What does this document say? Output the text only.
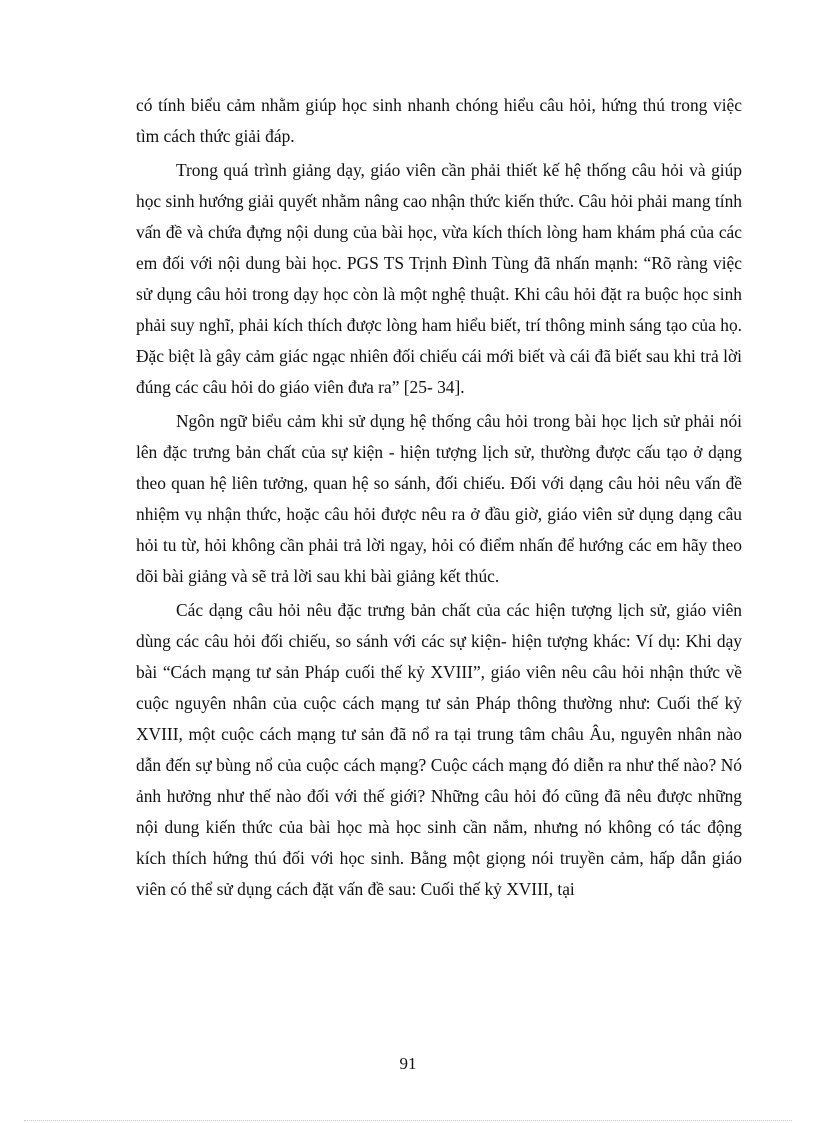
có tính biểu cảm nhằm giúp học sinh nhanh chóng hiểu câu hỏi, hứng thú trong việc tìm cách thức giải đáp.

Trong quá trình giảng dạy, giáo viên cần phải thiết kế hệ thống câu hỏi và giúp học sinh hướng giải quyết nhằm nâng cao nhận thức kiến thức. Câu hỏi phải mang tính vấn đề và chứa đựng nội dung của bài học, vừa kích thích lòng ham khám phá của các em đối với nội dung bài học. PGS TS Trịnh Đình Tùng đã nhấn mạnh: “Rõ ràng việc sử dụng câu hỏi trong dạy học còn là một nghệ thuật. Khi câu hỏi đặt ra buộc học sinh phải suy nghĩ, phải kích thích được lòng ham hiểu biết, trí thông minh sáng tạo của họ. Đặc biệt là gây cảm giác ngạc nhiên đối chiếu cái mới biết và cái đã biết sau khi trả lời đúng các câu hỏi do giáo viên đưa ra” [25- 34].

Ngôn ngữ biểu cảm khi sử dụng hệ thống câu hỏi trong bài học lịch sử phải nói lên đặc trưng bản chất của sự kiện - hiện tượng lịch sử, thường được cấu tạo ở dạng theo quan hệ liên tưởng, quan hệ so sánh, đối chiếu. Đối với dạng câu hỏi nêu vấn đề nhiệm vụ nhận thức, hoặc câu hỏi được nêu ra ở đầu giờ, giáo viên sử dụng dạng câu hỏi tu từ, hỏi không cần phải trả lời ngay, hỏi có điểm nhấn để hướng các em hãy theo dõi bài giảng và sẽ trả lời sau khi bài giảng kết thúc.

Các dạng câu hỏi nêu đặc trưng bản chất của các hiện tượng lịch sử, giáo viên dùng các câu hỏi đối chiếu, so sánh với các sự kiện- hiện tượng khác: Ví dụ: Khi dạy bài “Cách mạng tư sản Pháp cuối thế kỷ XVIII”, giáo viên nêu câu hỏi nhận thức về cuộc nguyên nhân của cuộc cách mạng tư sản Pháp thông thường như: Cuối thế kỷ XVIII, một cuộc cách mạng tư sản đã nổ ra tại trung tâm châu Âu, nguyên nhân nào dẫn đến sự bùng nổ của cuộc cách mạng? Cuộc cách mạng đó diễn ra như thế nào? Nó ảnh hưởng như thế nào đối với thế giới? Những câu hỏi đó cũng đã nêu được những nội dung kiến thức của bài học mà học sinh cần nắm, nhưng nó không có tác động kích thích hứng thú đối với học sinh. Bằng một giọng nói truyền cảm, hấp dẫn giáo viên có thể sử dụng cách đặt vấn đề sau: Cuối thế kỷ XVIII, tại

91
